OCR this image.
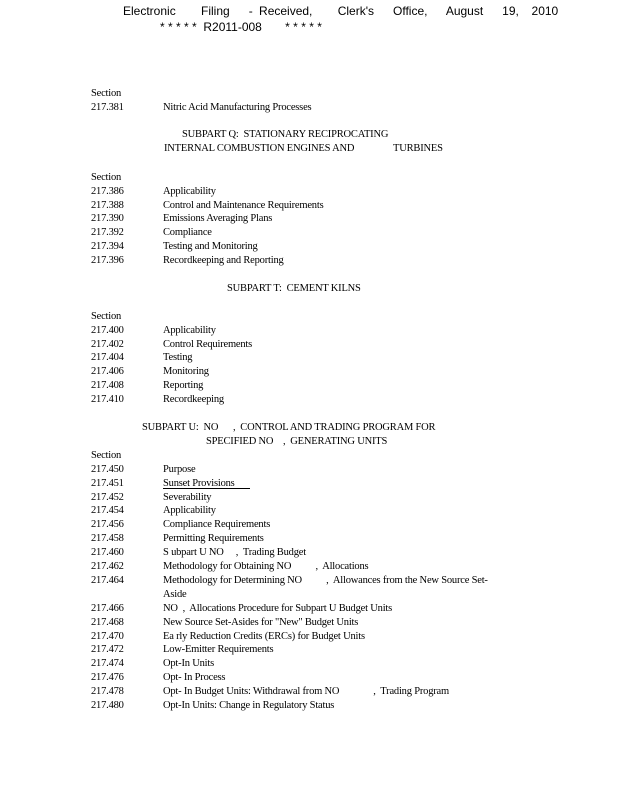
Electronic    Filing   - Received,    Clerk's   Office,   August   19,  2010
* * * * *  R2011-008       * * * * *
Section
217.381	Nitric Acid Manufacturing Processes
SUBPART Q:  STATIONARY RECIPROCATING
INTERNAL COMBUSTION ENGINES AND	TURBINES
Section
217.386	Applicability
217.388	Control and Maintenance Requirements
217.390	Emissions Averaging Plans
217.392	Compliance
217.394	Testing and Monitoring
217.396	Recordkeeping and Reporting
SUBPART T:  CEMENT KILNS
Section
217.400	Applicability
217.402	Control Requirements
217.404	Testing
217.406	Monitoring
217.408	Reporting
217.410	Recordkeeping
SUBPART U:  NO ,  CONTROL AND TRADING PROGRAM FOR
SPECIFIED NO ,  GENERATING UNITS
Section
217.450	Purpose
217.451	Sunset Provisions
217.452	Severability
217.454	Applicability
217.456	Compliance Requirements
217.458	Permitting Requirements
217.460	S ubpart U NO     ,  Trading Budget
217.462	Methodology for Obtaining NO          ,  Allocations
217.464	Methodology for Determining NO          ,  Allowances from the New Source Set-
Aside
217.466	NO  ,  Allocations Procedure for Subpart U Budget Units
217.468	New Source Set-Asides for "New" Budget Units
217.470	Ea rly Reduction Credits (ERCs) for Budget Units
217.472	Low-Emitter Requirements
217.474	Opt-In Units
217.476	Opt- In Process
217.478	Opt- In Budget Units: Withdrawal from NO              ,  Trading Program
217.480	Opt-In Units: Change in Regulatory Status
